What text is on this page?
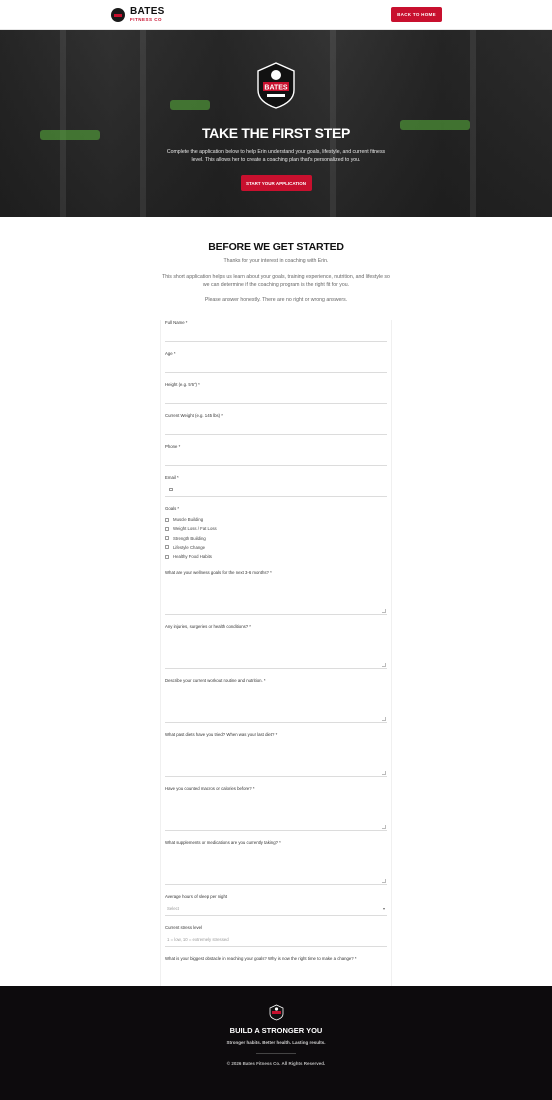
BATES
FITNESS CO
BACK TO HOME
BATES
TAKE THE FIRST STEP
Complete the application below to help Erin understand your goals, lifestyle, and current fitness level. This allows her to create a coaching plan that's personalized to you.
START YOUR APPLICATION
BEFORE WE GET STARTED

Thanks for your interest in coaching with Erin.

This short application helps us learn about your goals, training experience, nutrition, and lifestyle so we can determine if the coaching program is the right fit for you.

Please answer honestly. There are no right or wrong answers.

Full Name *
Age *
Height (e.g. 5'6") *
Current Weight (e.g. 145 lbs) *
Phone *
Email *
Goals *
Muscle Building
Weight Loss / Fat Loss
Strength Building
Lifestyle Change
Healthy Food Habits
What are your wellness goals for the next 3-6 months? *
Any injuries, surgeries or health conditions? *
Describe your current workout routine and nutrition. *
What past diets have you tried? When was your last diet? *
Have you counted macros or calories before? *
What supplements or medications are you currently taking? *
Average hours of sleep per night
Select	▾
Current stress level
1 = low, 10 = extremely stressed
What is your biggest obstacle in reaching your goals? Why is now the right time to make a change? *
BUILD A STRONGER YOU
Stronger habits. Better health. Lasting results.
© 2026 Bates Fitness Co. All Rights Reserved.
